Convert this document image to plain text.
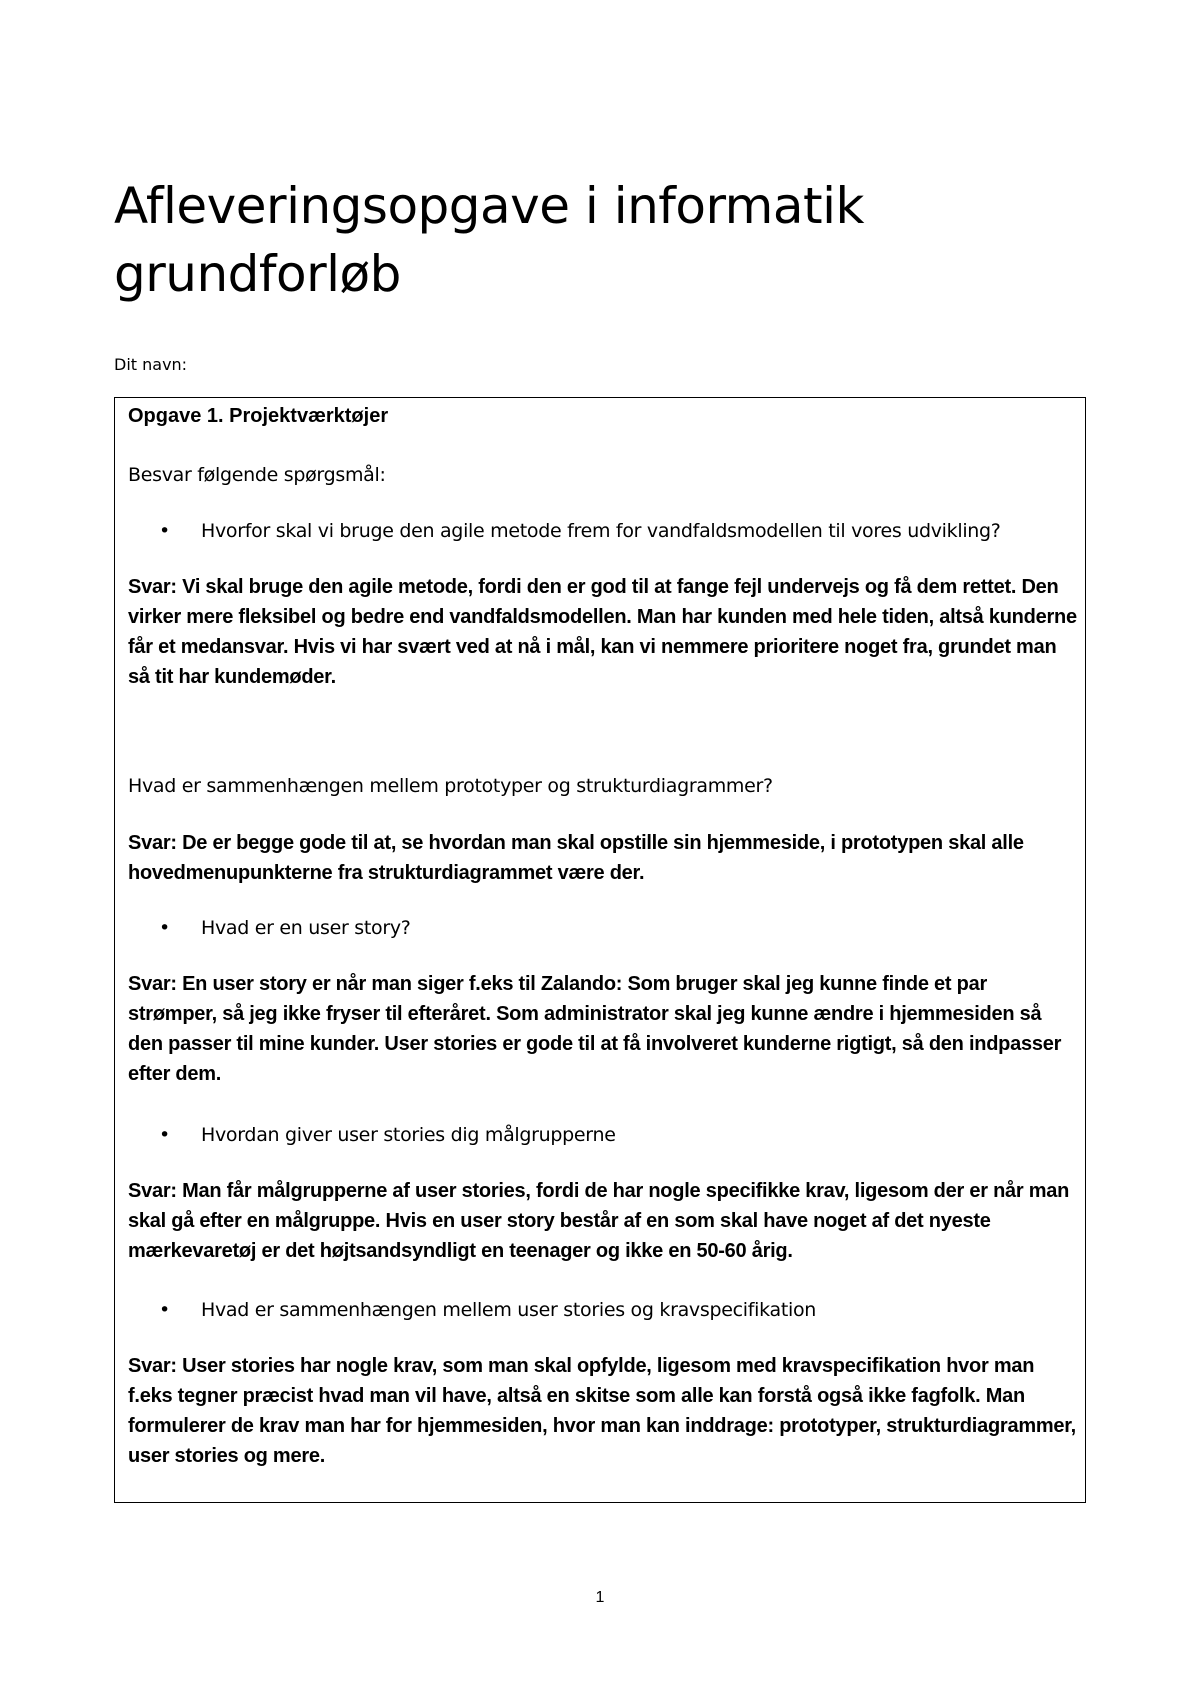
Afleveringsopgave i informatik grundforløb
Dit navn:

Opgave 1. Projektværktøjer

Besvar følgende spørgsmål:

•	Hvorfor skal vi bruge den agile metode frem for vandfaldsmodellen til vores udvikling?

Svar: Vi skal bruge den agile metode, fordi den er god til at fange fejl undervejs og få dem rettet. Den virker mere fleksibel og bedre end vandfaldsmodellen. Man har kunden med hele tiden, altså kunderne får et medansvar. Hvis vi har svært ved at nå i mål, kan vi nemmere prioritere noget fra, grundet man så tit har kundemøder.

Hvad er sammenhængen mellem prototyper og strukturdiagrammer?

Svar: De er begge gode til at, se hvordan man skal opstille sin hjemmeside, i prototypen skal alle hovedmenupunkterne fra strukturdiagrammet være der.

•	Hvad er en user story?

Svar: En user story er når man siger f.eks til Zalando: Som bruger skal jeg kunne finde et par strømper, så jeg ikke fryser til efteråret. Som administrator skal jeg kunne ændre i hjemmesiden så den passer til mine kunder. User stories er gode til at få involveret kunderne rigtigt, så den indpasser efter dem.

•	Hvordan giver user stories dig målgrupperne

Svar: Man får målgrupperne af user stories, fordi de har nogle specifikke krav, ligesom der er når man skal gå efter en målgruppe. Hvis en user story består af en som skal have noget af det nyeste mærkevaretøj er det højtsandsyndligt en teenager og ikke en 50-60 årig.

•	Hvad er sammenhængen mellem user stories og kravspecifikation

Svar: User stories har nogle krav, som man skal opfylde, ligesom med kravspecifikation hvor man f.eks tegner præcist hvad man vil have, altså en skitse som alle kan forstå også ikke fagfolk. Man formulerer de krav man har for hjemmesiden, hvor man kan inddrage: prototyper, strukturdiagrammer, user stories og mere.

1
